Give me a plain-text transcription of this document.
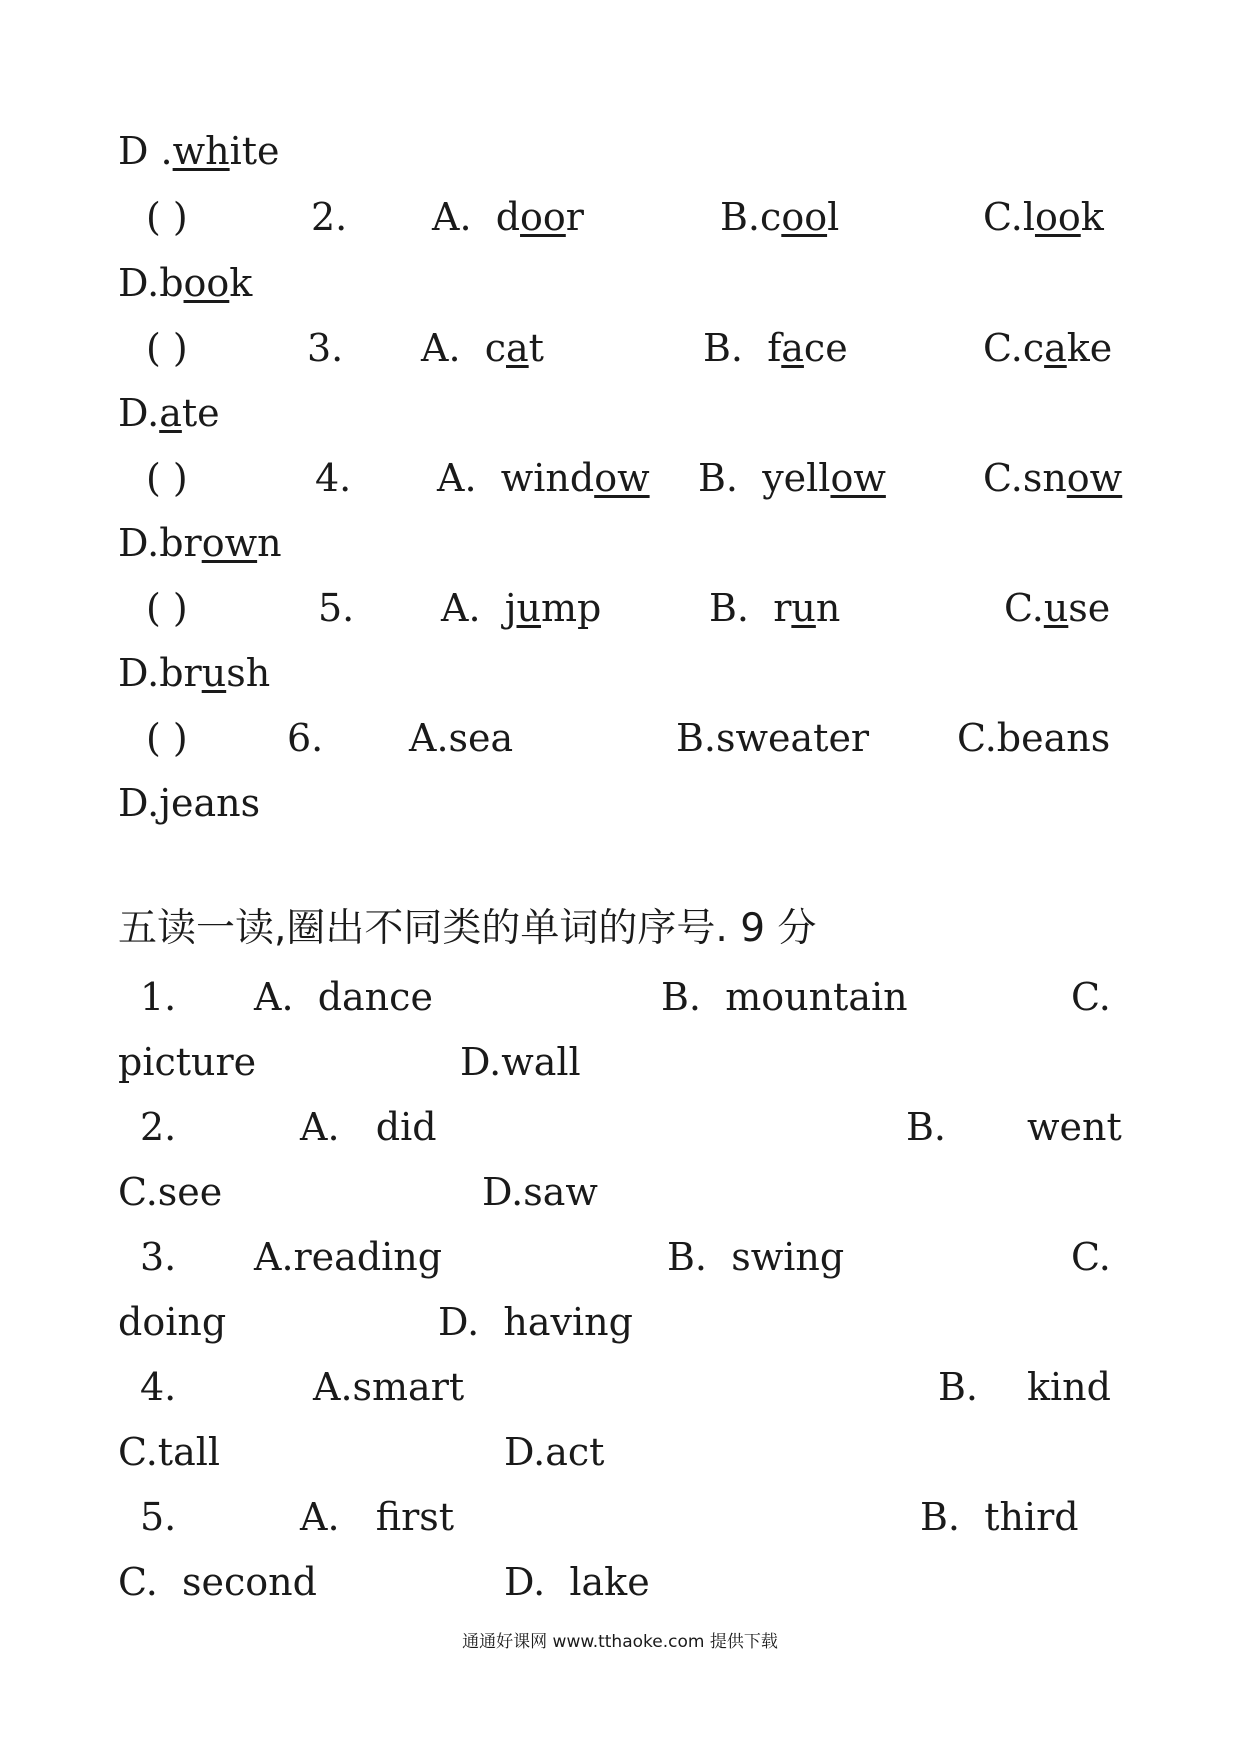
D .white
( )	2. A. door	B.cool	C.look
D.book
( )	3. A. cat	B. face	C.cake
D.ate
( )	4. A. window B. yellow	C.snow
D.brown
( )	5. A. jump	B. run	C.use
D.brush
( )	6. A.sea	B.sweater C.beans
D.jeans
五读一读,圈出不同类的单词的序号. 9 分
1. A. dance	B. mountain	C.
picture	D.wall
2.	A. did	B. went
C.see	D.saw
3. A.reading	B. swing	C.
doing	D. having
4.	A.smart	B. kind
C.tall	D.act
5.	A. first	B. third
C. second	D. lake
通通好课网 www.tthaoke.com 提供下载
